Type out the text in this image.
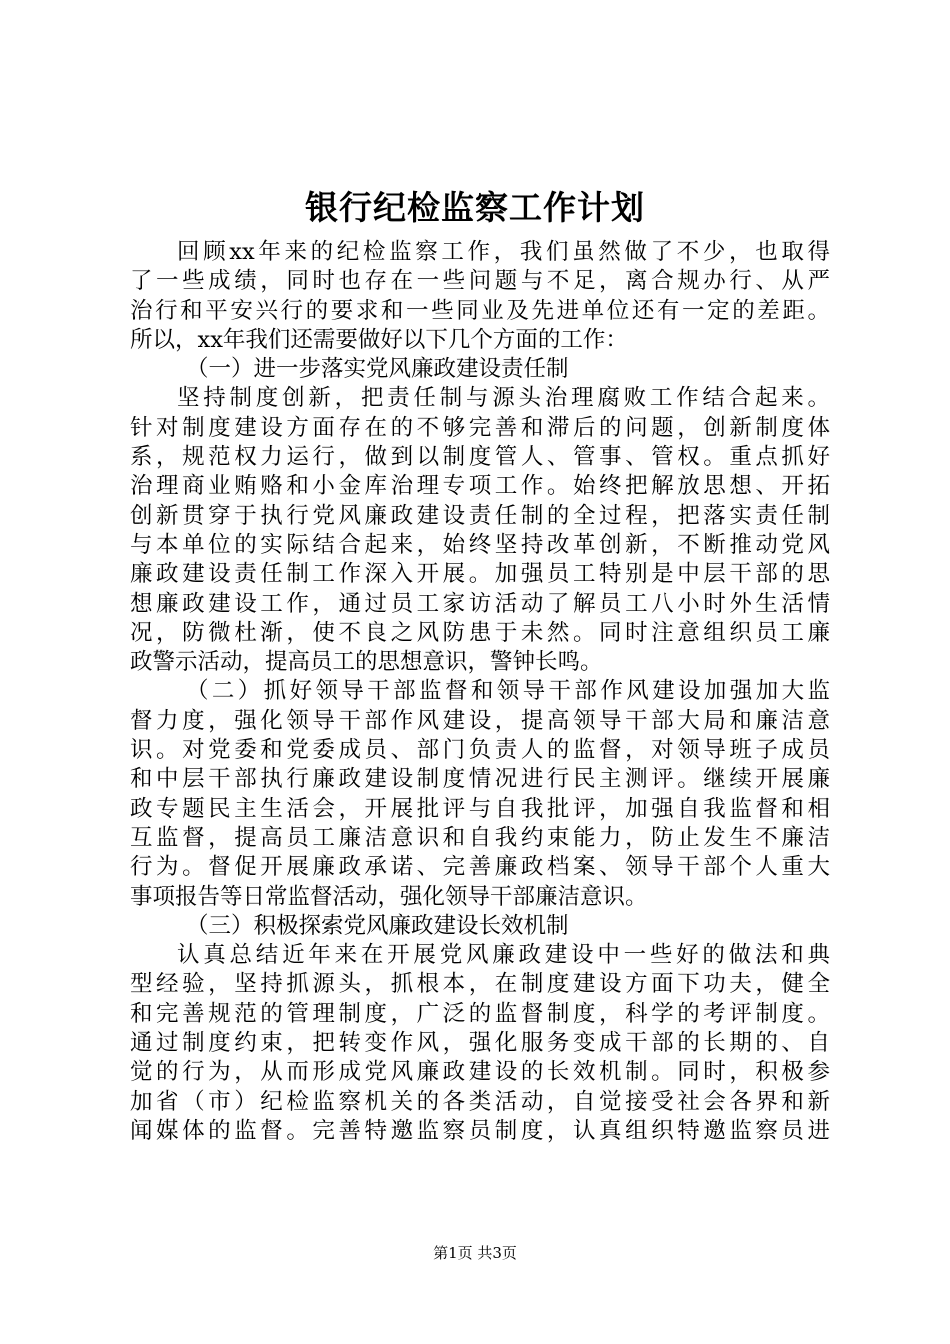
银行纪检监察工作计划
回顾xx年来的纪检监察工作，我们虽然做了不少，也取得
了一些成绩，同时也存在一些问题与不足，离合规办行、从严
治行和平安兴行的要求和一些同业及先进单位还有一定的差距。
所以，xx年我们还需要做好以下几个方面的工作：
（一）进一步落实党风廉政建设责任制
坚持制度创新，把责任制与源头治理腐败工作结合起来。
针对制度建设方面存在的不够完善和滞后的问题，创新制度体
系，规范权力运行，做到以制度管人、管事、管权。重点抓好
治理商业贿赂和小金库治理专项工作。始终把解放思想、开拓
创新贯穿于执行党风廉政建设责任制的全过程，把落实责任制
与本单位的实际结合起来，始终坚持改革创新，不断推动党风
廉政建设责任制工作深入开展。加强员工特别是中层干部的思
想廉政建设工作，通过员工家访活动了解员工八小时外生活情
况，防微杜渐，使不良之风防患于未然。同时注意组织员工廉
政警示活动，提高员工的思想意识，警钟长鸣。
（二）抓好领导干部监督和领导干部作风建设加强加大监
督力度，强化领导干部作风建设，提高领导干部大局和廉洁意
识。对党委和党委成员、部门负责人的监督，对领导班子成员
和中层干部执行廉政建设制度情况进行民主测评。继续开展廉
政专题民主生活会，开展批评与自我批评，加强自我监督和相
互监督，提高员工廉洁意识和自我约束能力，防止发生不廉洁
行为。督促开展廉政承诺、完善廉政档案、领导干部个人重大
事项报告等日常监督活动，强化领导干部廉洁意识。
（三）积极探索党风廉政建设长效机制
认真总结近年来在开展党风廉政建设中一些好的做法和典
型经验，坚持抓源头，抓根本，在制度建设方面下功夫，健全
和完善规范的管理制度，广泛的监督制度，科学的考评制度。
通过制度约束，把转变作风，强化服务变成干部的长期的、自
觉的行为，从而形成党风廉政建设的长效机制。同时，积极参
加省（市）纪检监察机关的各类活动，自觉接受社会各界和新
闻媒体的监督。完善特邀监察员制度，认真组织特邀监察员进
第1页 共3页
